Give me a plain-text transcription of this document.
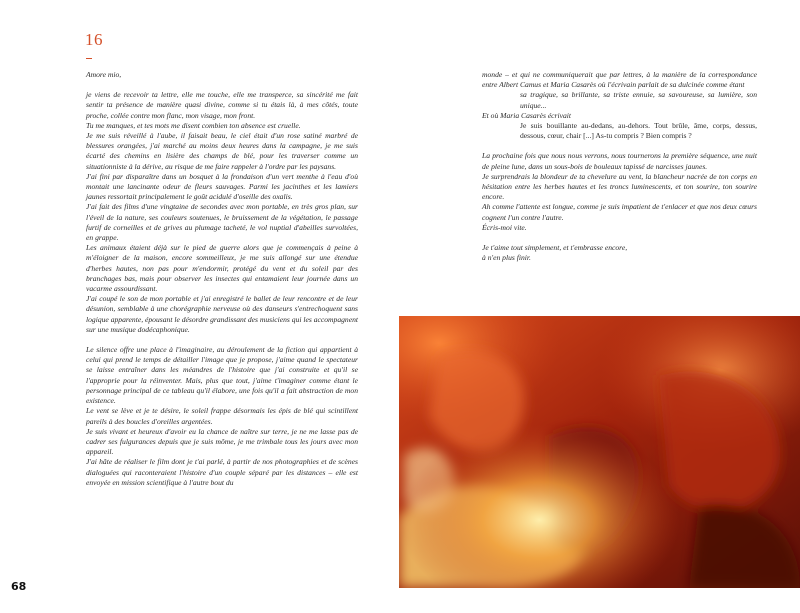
16

Amore mio,

je viens de recevoir ta lettre, elle me touche, elle me transperce, sa sincérité me fait sentir ta présence de manière quasi divine, comme si tu étais là, à mes côtés, toute proche, collée contre mon flanc, mon visage, mon front.

Tu me manques, et tes mots me disent combien ton absence est cruelle.

Je me suis réveillé à l'aube, il faisait beau, le ciel était d'un rose satiné marbré de blessures orangées, j'ai marché au moins deux heures dans la campagne, je me suis écarté des chemins en lisière des champs de blé, pour les traverser comme un situationniste à la dérive, au risque de me faire rappeler à l'ordre par les paysans.

J'ai fini par disparaître dans un bosquet à la frondaison d'un vert menthe à l'eau d'où montait une lancinante odeur de fleurs sauvages. Parmi les jacinthes et les lamiers jaunes ressortait principalement le goût acidulé d'oseille des oxalis.

J'ai fait des films d'une vingtaine de secondes avec mon portable, en très gros plan, sur l'éveil de la nature, ses couleurs soutenues, le bruissement de la végétation, le passage furtif de corneilles et de grives au plumage tacheté, le vol nuptial d'abeilles survoltées, en grappe.

Les animaux étaient déjà sur le pied de guerre alors que je commençais à peine à m'éloigner de la maison, encore sommeilleux, je me suis allongé sur une étendue d'herbes hautes, non pas pour m'endormir, protégé du vent et du soleil par des branchages bas, mais pour observer les insectes qui entamaient leur journée dans un vacarme assourdissant.

J'ai coupé le son de mon portable et j'ai enregistré le ballet de leur rencontre et de leur désunion, semblable à une chorégraphie nerveuse où des danseurs s'entrechoquent sans logique apparente, épousant le désordre grandissant des musiciens qui les accompagnent sur une musique dodécaphonique.

Le silence offre une place à l'imaginaire, au déroulement de la fiction qui appartient à celui qui prend le temps de détailler l'image que je propose, j'aime quand le spectateur se laisse entraîner dans les méandres de l'histoire que j'ai construite et qu'il se l'approprie pour la réinventer. Mais, plus que tout, j'aime t'imaginer comme étant le personnage principal de ce tableau qu'il élabore, une fois qu'il a fait abstraction de mon existence.

Le vent se lève et je te désire, le soleil frappe désormais les épis de blé qui scintillent pareils à des boucles d'oreilles argentées.

Je suis vivant et heureux d'avoir eu la chance de naître sur terre, je ne me lasse pas de cadrer ses fulgurances depuis que je suis môme, je me trimbale tous les jours avec mon appareil.

J'ai hâte de réaliser le film dont je t'ai parlé, à partir de nos photographies et de scènes dialoguées qui raconteraient l'histoire d'un couple séparé par les distances – elle est envoyée en mission scientifique à l'autre bout du

monde – et qui ne communiquerait que par lettres, à la manière de la correspondance entre Albert Camus et Maria Casarès où l'écrivain parlait de sa dulcinée comme étant

sa tragique, sa brillante, sa triste ennuie, sa savoureuse, sa lumière, son unique...

Et où Maria Casarès écrivait

Je suis bouillante au-dedans, au-dehors. Tout brûle, âme, corps, dessus, dessous, cœur, chair [...] As-tu compris ? Bien compris ?

La prochaine fois que nous nous verrons, nous tournerons la première séquence, une nuit de pleine lune, dans un sous-bois de bouleaux tapissé de narcisses jaunes.

Je surprendrais la blondeur de ta chevelure au vent, la blancheur nacrée de ton corps en hésitation entre les herbes hautes et les troncs luminescents, et ton sourire, ton sourire encore.

Ah comme l'attente est longue, comme je suis impatient de t'enlacer et que nos deux cœurs cognent l'un contre l'autre.

Écris-moi vite.

Je t'aime tout simplement, et t'embrasse encore,

à n'en plus finir.

68
